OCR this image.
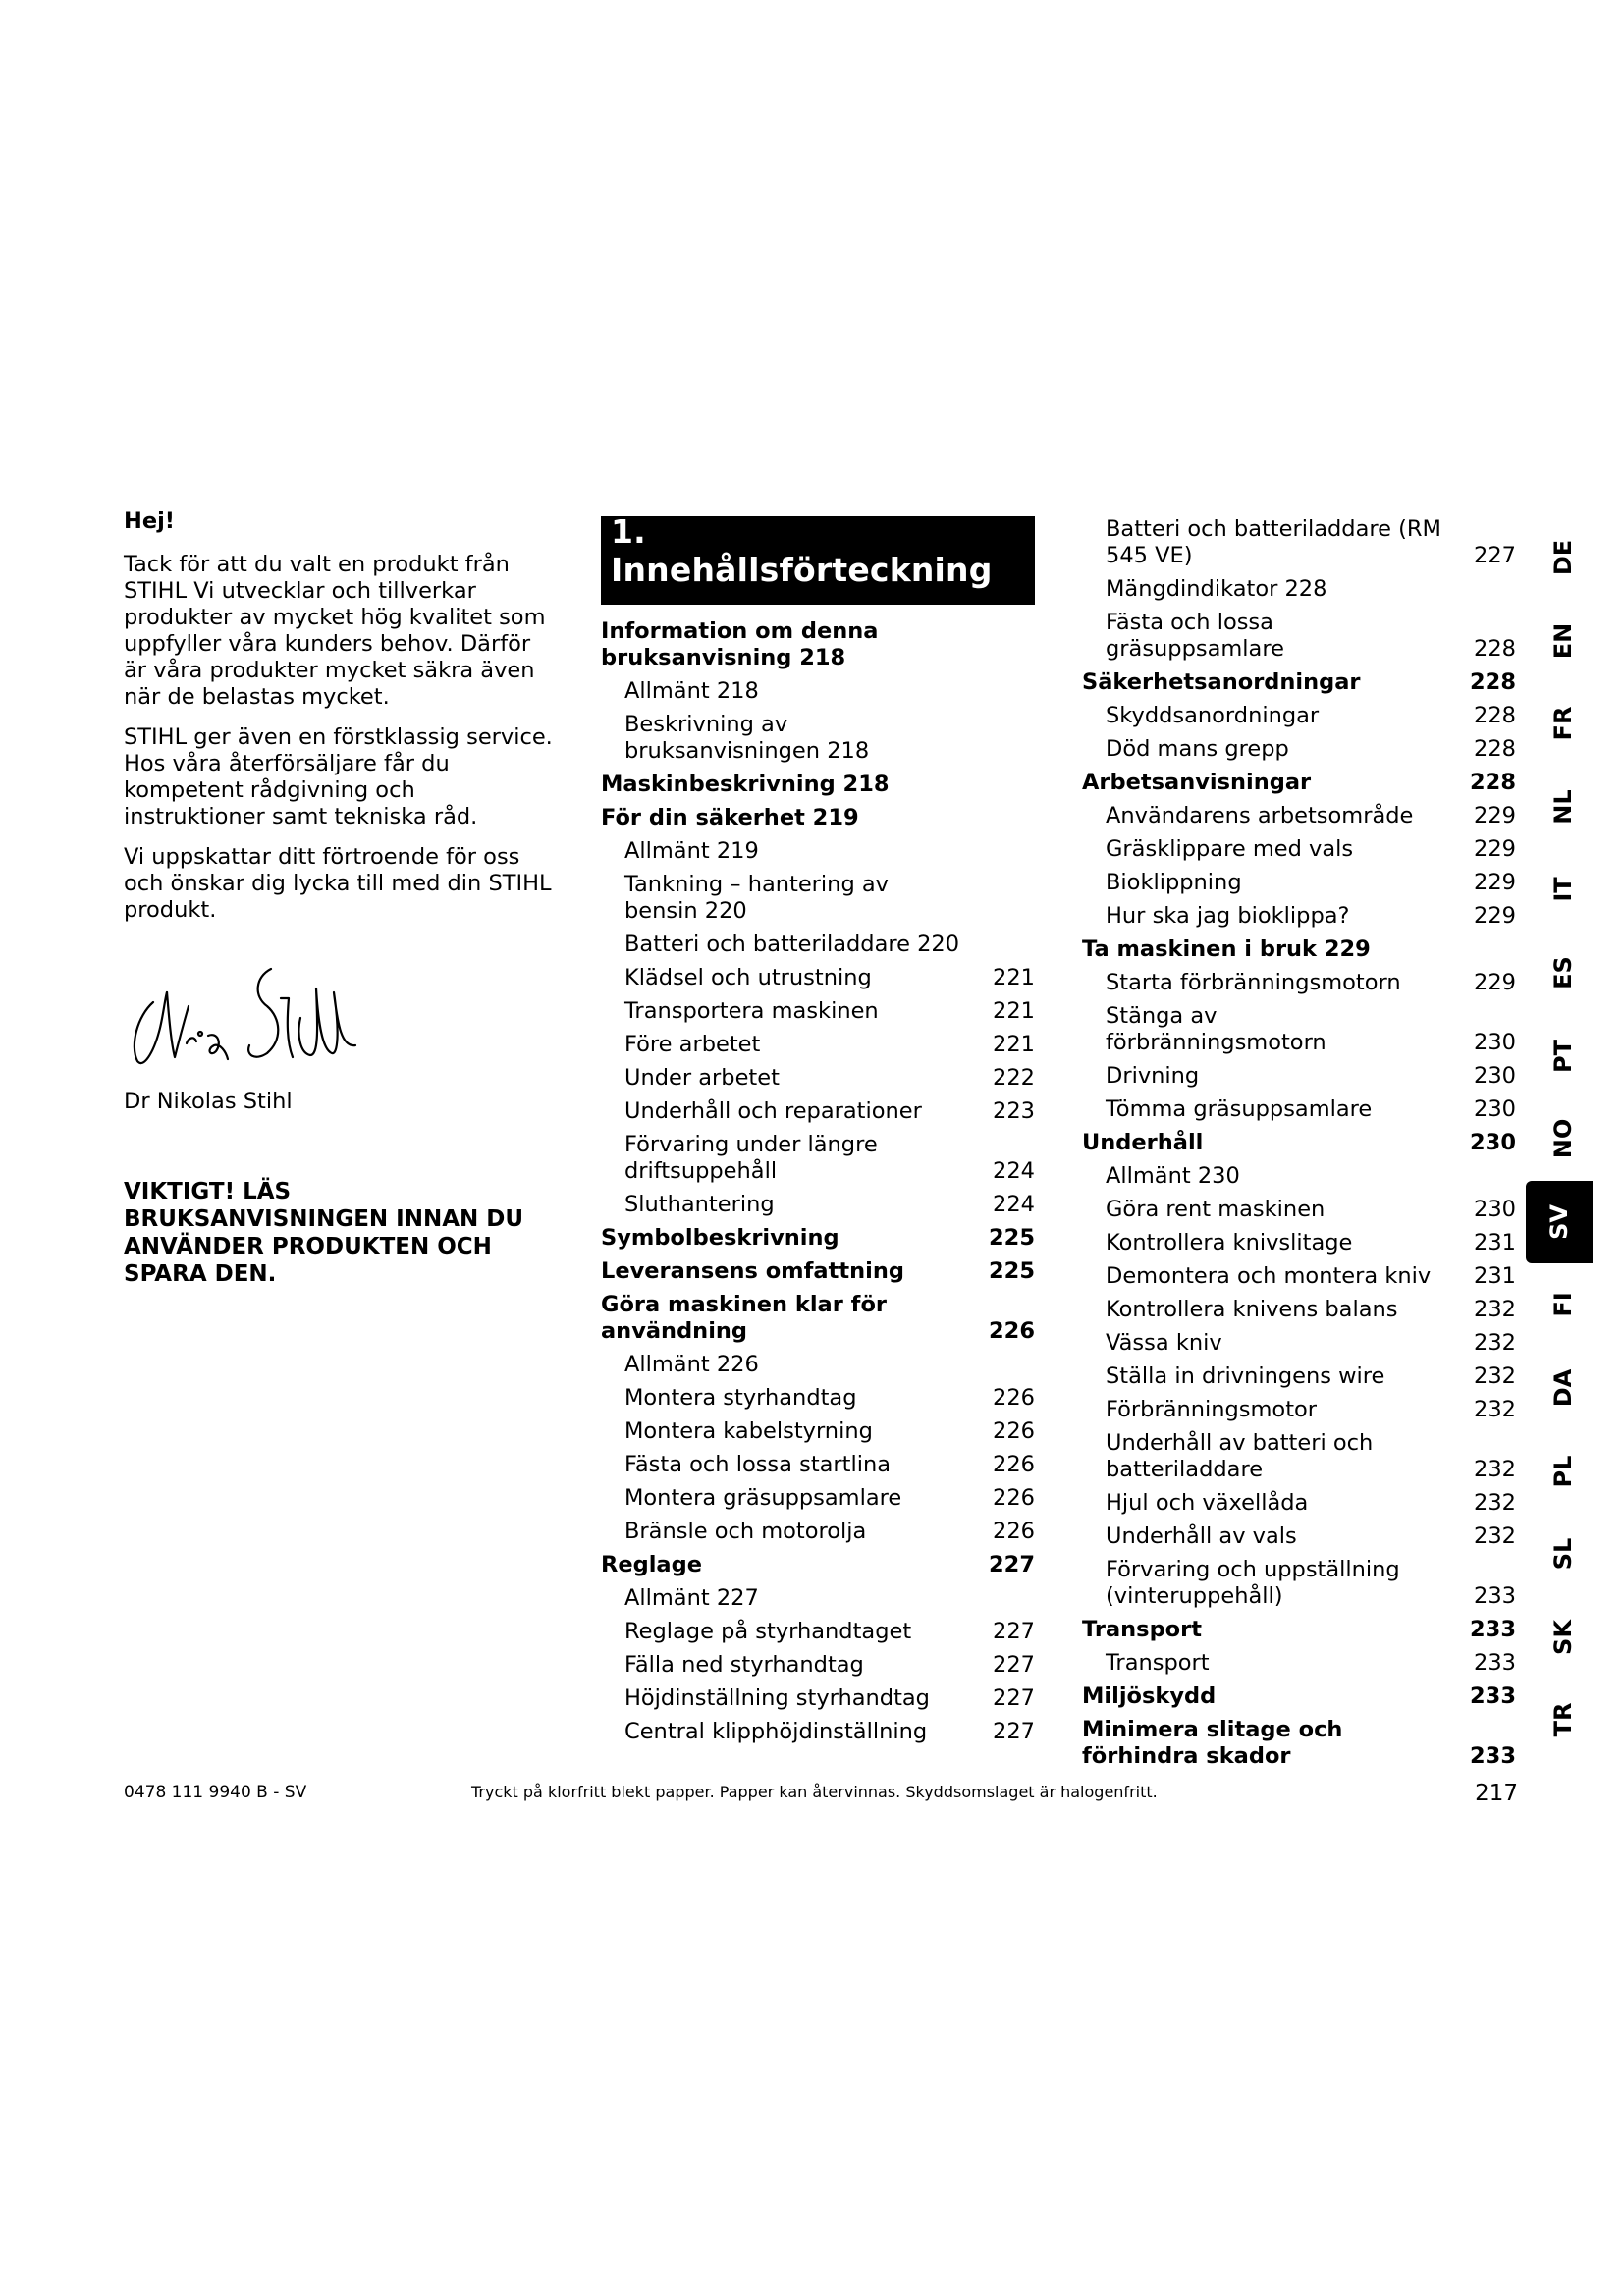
Hej!

Tack för att du valt en produkt från STIHL Vi utvecklar och tillverkar produkter av mycket hög kvalitet som uppfyller våra kunders behov. Därför är våra produkter mycket säkra även när de belastas mycket.

STIHL ger även en förstklassig service. Hos våra återförsäljare får du kompetent rådgivning och instruktioner samt tekniska råd.

Vi uppskattar ditt förtroende för oss och önskar dig lycka till med din STIHL produkt.

Dr Nikolas Stihl

VIKTIGT! LÄS BRUKSANVISNINGEN INNAN DU ANVÄNDER PRODUKTEN OCH SPARA DEN.

1. Innehållsförteckning
Information om denna bruksanvisning 218
Allmänt 218
Beskrivning av bruksanvisningen 218
Maskinbeskrivning 218
För din säkerhet 219
Allmänt 219
Tankning – hantering av bensin 220
Batteri och batteriladdare 220
Klädsel och utrustning	221
Transportera maskinen	221
Före arbetet	221
Under arbetet	222
Underhåll och reparationer	223
Förvaring under längre driftsuppehåll	224
Sluthantering	224
Symbolbeskrivning	225
Leveransens omfattning	225
Göra maskinen klar för användning	226
Allmänt 226
Montera styrhandtag	226
Montera kabelstyrning	226
Fästa och lossa startlina	226
Montera gräsuppsamlare	226
Bränsle och motorolja	226
Reglage	227
Allmänt 227
Reglage på styrhandtaget	227
Fälla ned styrhandtag	227
Höjdinställning styrhandtag	227
Central klipphöjdinställning	227
Batteri och batteriladdare (RM 545 VE)	227
Mängdindikator 228
Fästa och lossa gräsuppsamlare	228
Säkerhetsanordningar	228
Skyddsanordningar	228
Död mans grepp	228
Arbetsanvisningar	228
Användarens arbetsområde	229
Gräsklippare med vals	229
Bioklippning	229
Hur ska jag bioklippa?	229
Ta maskinen i bruk 229
Starta förbränningsmotorn	229
Stänga av förbränningsmotorn	230
Drivning	230
Tömma gräsuppsamlare	230
Underhåll	230
Allmänt 230
Göra rent maskinen	230
Kontrollera knivslitage	231
Demontera och montera kniv	231
Kontrollera knivens balans	232
Vässa kniv	232
Ställa in drivningens wire	232
Förbränningsmotor	232
Underhåll av batteri och batteriladdare	232
Hjul och växellåda	232
Underhåll av vals	232
Förvaring och uppställning (vinteruppehåll)	233
Transport	233
Transport	233
Miljöskydd	233
Minimera slitage och förhindra skador	233
DE
EN
FR
NL
IT
ES
PT
NO
SV
FI
DA
PL
SL
SK
TR
0478 111 9940 B - SV	Tryckt på klorfritt blekt papper. Papper kan återvinnas. Skyddsomslaget är halogenfritt.	217
